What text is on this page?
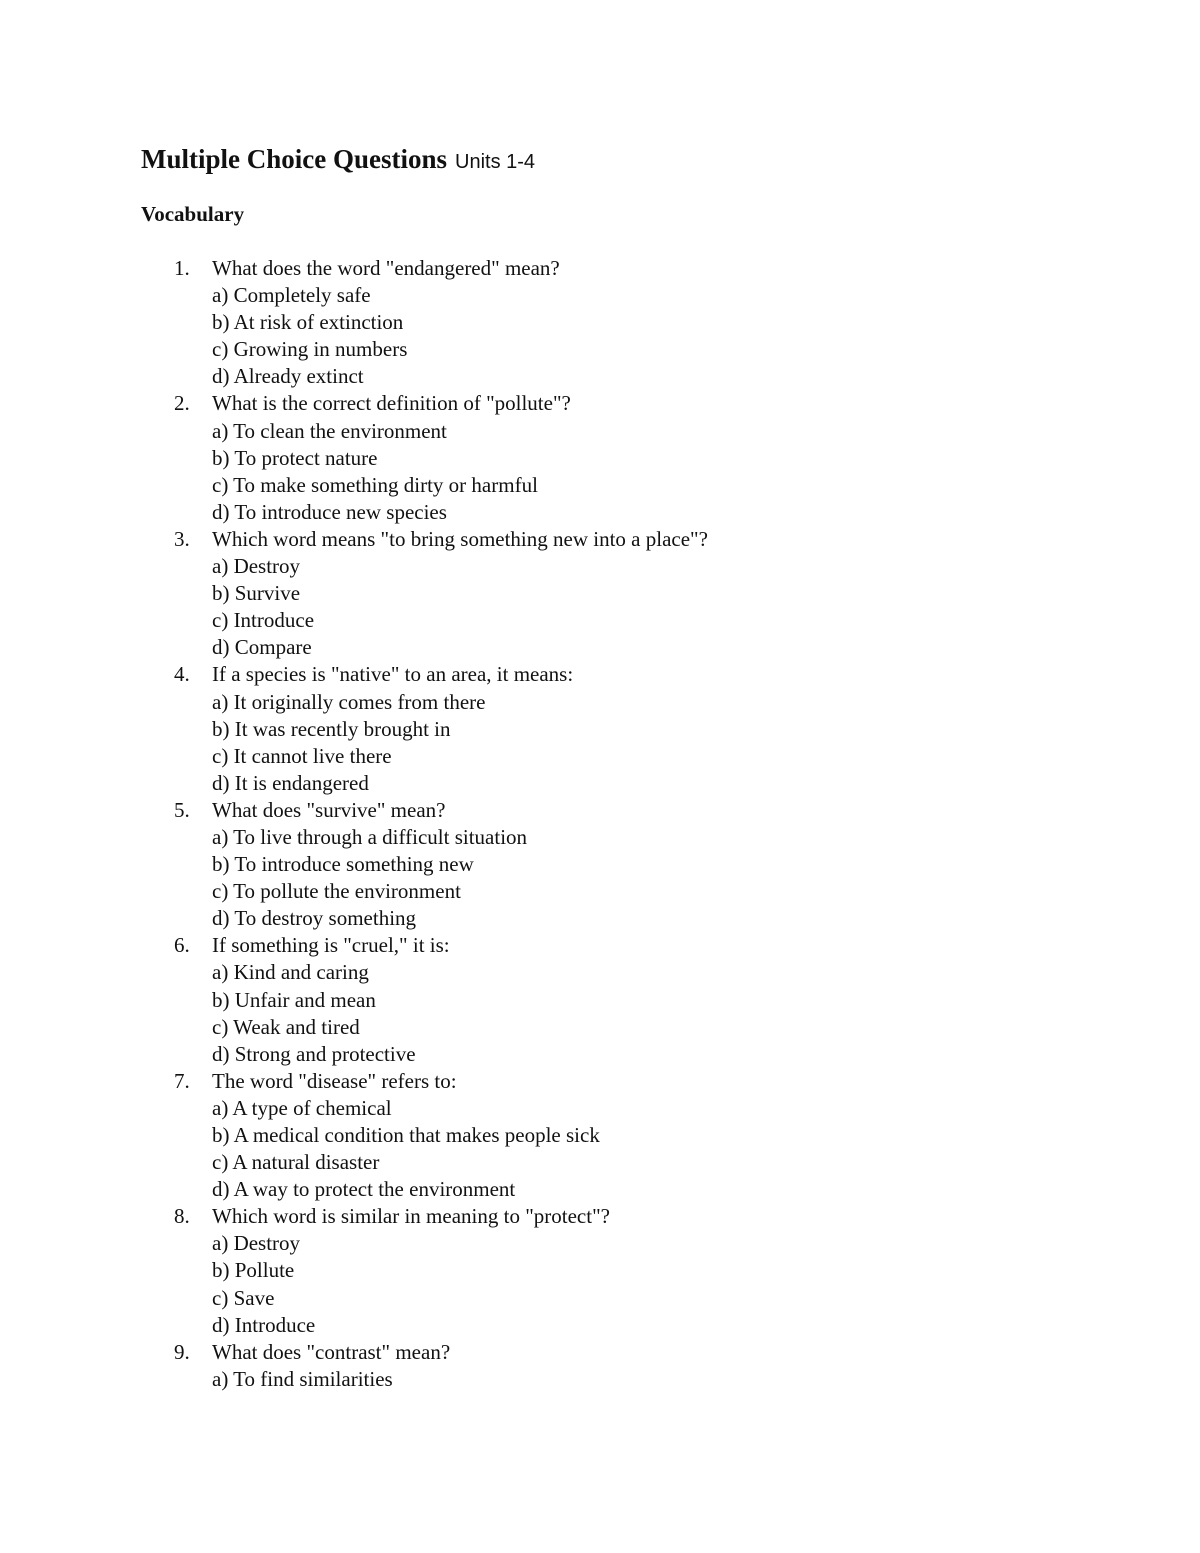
Multiple Choice Questions Units 1-4
Vocabulary
1. What does the word "endangered" mean?
a) Completely safe
b) At risk of extinction
c) Growing in numbers
d) Already extinct
2. What is the correct definition of "pollute"?
a) To clean the environment
b) To protect nature
c) To make something dirty or harmful
d) To introduce new species
3. Which word means "to bring something new into a place"?
a) Destroy
b) Survive
c) Introduce
d) Compare
4. If a species is "native" to an area, it means:
a) It originally comes from there
b) It was recently brought in
c) It cannot live there
d) It is endangered
5. What does "survive" mean?
a) To live through a difficult situation
b) To introduce something new
c) To pollute the environment
d) To destroy something
6. If something is "cruel," it is:
a) Kind and caring
b) Unfair and mean
c) Weak and tired
d) Strong and protective
7. The word "disease" refers to:
a) A type of chemical
b) A medical condition that makes people sick
c) A natural disaster
d) A way to protect the environment
8. Which word is similar in meaning to "protect"?
a) Destroy
b) Pollute
c) Save
d) Introduce
9. What does "contrast" mean?
a) To find similarities
